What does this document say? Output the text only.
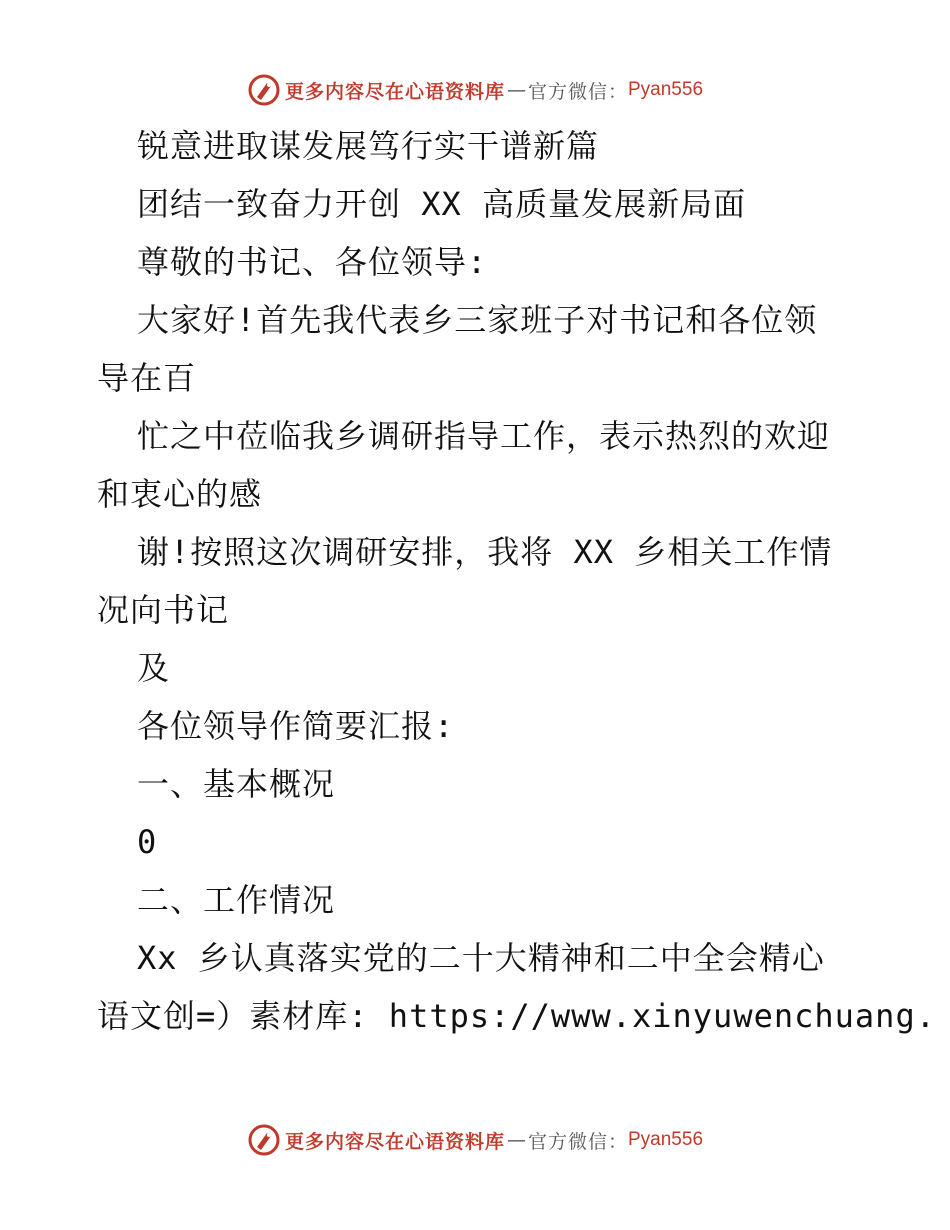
更多内容尽在心语资料库 — 官方微信： Pyan556
锐意进取谋发展笃行实干谱新篇
团结一致奋力开创 XX 高质量发展新局面
尊敬的书记、各位领导:
大家好!首先我代表乡三家班子对书记和各位领
导在百
忙之中莅临我乡调研指导工作，表示热烈的欢迎
和衷心的感
谢!按照这次调研安排，我将 XX 乡相关工作情
况向书记
及
各位领导作简要汇报:
一、基本概况
0
二、工作情况
Xx 乡认真落实党的二十大精神和二中全会精心
语文创=）素材库: https://www.xinyuwenchuang.
更多内容尽在心语资料库 — 官方微信： Pyan556
